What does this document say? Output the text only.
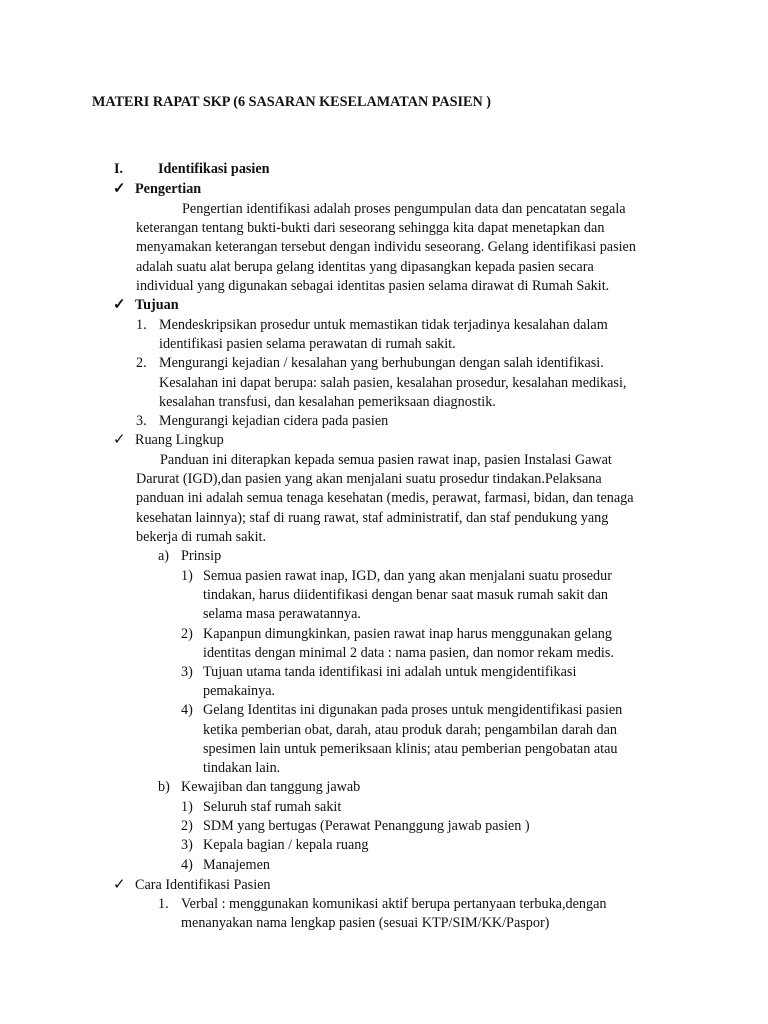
MATERI RAPAT SKP (6 SASARAN KESELAMATAN PASIEN )
I. Identifikasi pasien
✓ Pengertian

Pengertian identifikasi adalah proses pengumpulan data dan pencatatan segala

keterangan tentang bukti-bukti dari seseorang sehingga kita dapat menetapkan dan

menyamakan keterangan tersebut dengan individu seseorang. Gelang identifikasi pasien

adalah suatu alat berupa gelang identitas yang dipasangkan kepada pasien secara

individual yang digunakan sebagai identitas pasien selama dirawat di Rumah Sakit.

✓ Tujuan
1. Mendeskripsikan prosedur untuk memastikan tidak terjadinya kesalahan dalam
identifikasi pasien selama perawatan di rumah sakit.
2. Mengurangi kejadian / kesalahan yang berhubungan dengan salah identifikasi.
Kesalahan ini dapat berupa: salah pasien, kesalahan prosedur, kesalahan medikasi,
kesalahan transfusi, dan kesalahan pemeriksaan diagnostik.
3. Mengurangi kejadian cidera pada pasien
✓ Ruang Lingkup

Panduan ini diterapkan kepada semua pasien rawat inap, pasien Instalasi Gawat

Darurat (IGD),dan pasien yang akan menjalani suatu prosedur tindakan.Pelaksana

panduan ini adalah semua tenaga kesehatan (medis, perawat, farmasi, bidan, dan tenaga

kesehatan lainnya); staf di ruang rawat, staf administratif, dan staf pendukung yang

bekerja di rumah sakit.

a) Prinsip
1) Semua pasien rawat inap, IGD, dan yang akan menjalani suatu prosedur
tindakan, harus diidentifikasi dengan benar saat masuk rumah sakit dan
selama masa perawatannya.
2) Kapanpun dimungkinkan, pasien rawat inap harus menggunakan gelang
identitas dengan minimal 2 data : nama pasien, dan nomor rekam medis.
3) Tujuan utama tanda identifikasi ini adalah untuk mengidentifikasi
pemakainya.
4) Gelang Identitas ini digunakan pada proses untuk mengidentifikasi pasien
ketika pemberian obat, darah, atau produk darah; pengambilan darah dan
spesimen lain untuk pemeriksaan klinis; atau pemberian pengobatan atau
tindakan lain.
b) Kewajiban dan tanggung jawab
1) Seluruh staf rumah sakit
2) SDM yang bertugas (Perawat Penanggung jawab pasien )
3) Kepala bagian / kepala ruang
4) Manajemen
✓ Cara Identifikasi Pasien
1. Verbal : menggunakan komunikasi aktif berupa pertanyaan terbuka,dengan
menanyakan nama lengkap pasien (sesuai KTP/SIM/KK/Paspor)
